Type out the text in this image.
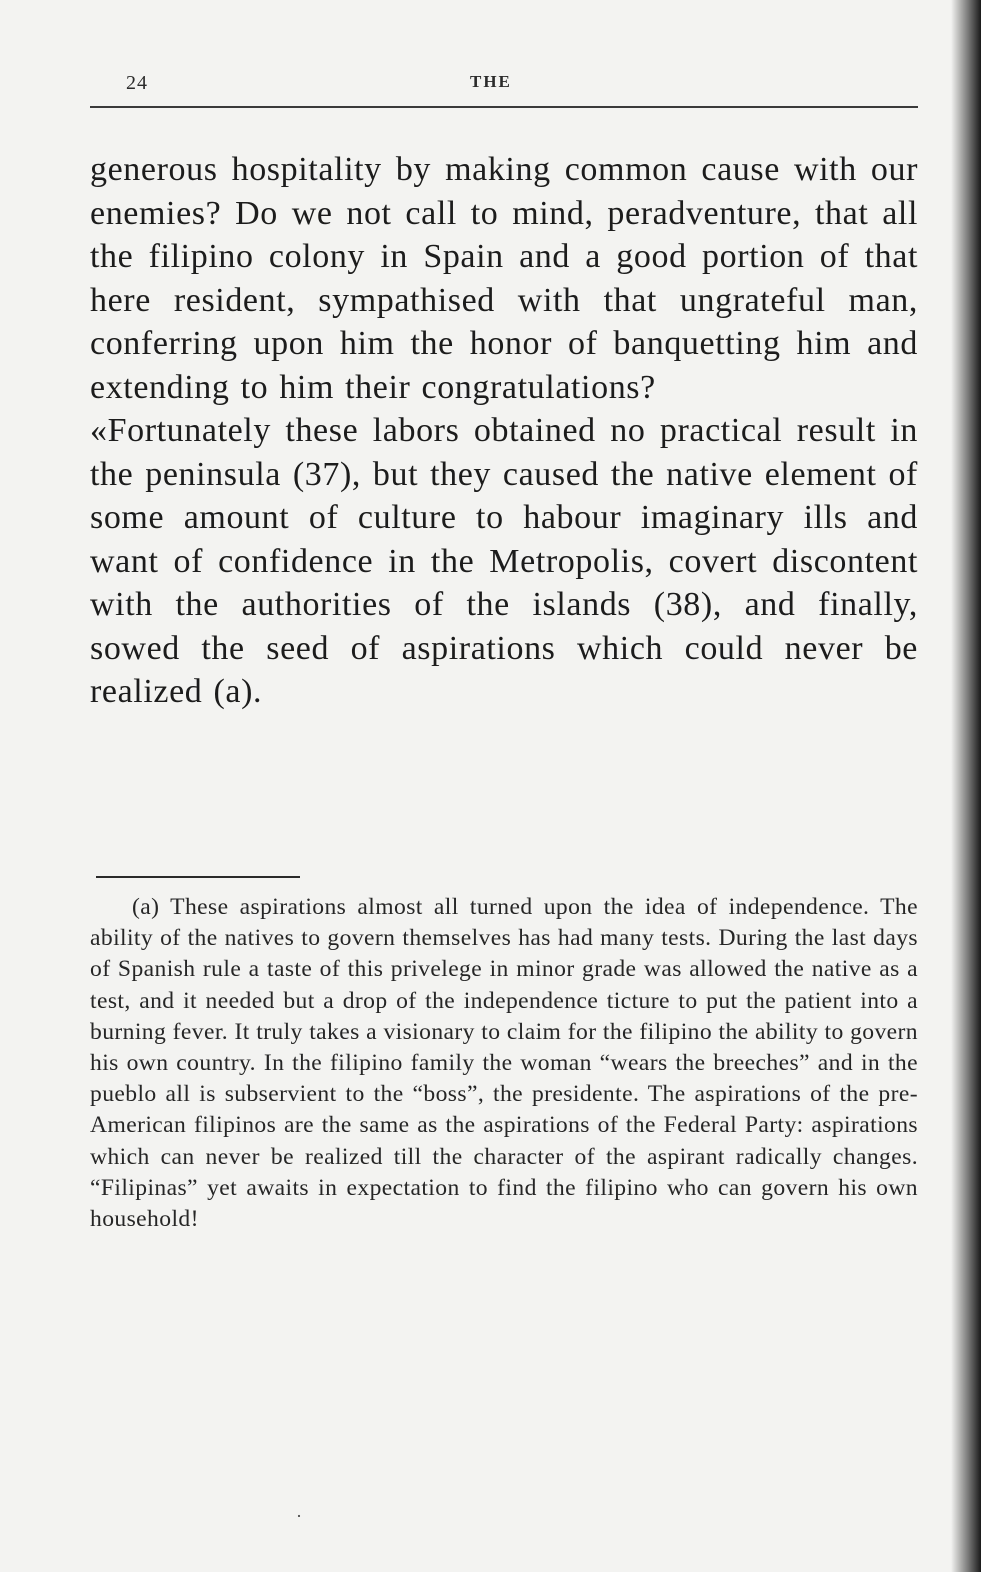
24	THE

generous hospitality by making common cause with our enemies? Do we not call to mind, peradventure, that all the filipino colony in Spain and a good portion of that here resident, sympathised with that ungrateful man, conferring upon him the honor of banquetting him and extending to him their congratulations?

«Fortunately these labors obtained no practical result in the peninsula (37), but they caused the native element of some amount of culture to habour imaginary ills and want of confidence in the Metropolis, covert discontent with the authorities of the islands (38), and finally, sowed the seed of aspirations which could never be realized (a).

(a) These aspirations almost all turned upon the idea of independence. The ability of the natives to govern themselves has had many tests. During the last days of Spanish rule a taste of this privelege in minor grade was allowed the native as a test, and it needed but a drop of the independence ticture to put the patient into a burning fever. It truly takes a visionary to claim for the filipino the ability to govern his own country. In the filipino family the woman “wears the breeches” and in the pueblo all is subservient to the “boss”, the presidente. The aspirations of the pre-American filipinos are the same as the aspirations of the Federal Party: aspirations which can never be realized till the character of the aspirant radically changes. “Filipinas” yet awaits in expectation to find the filipino who can govern his own household!

·
